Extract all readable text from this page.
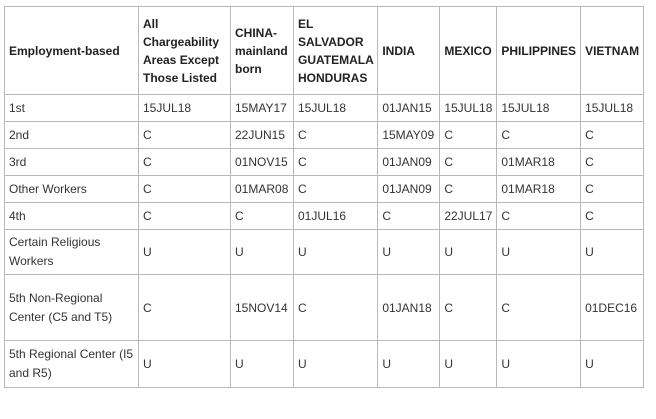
Employment-based	All Chargeability Areas Except Those Listed	CHINA-mainland born	EL SALVADOR GUATEMALA HONDURAS	INDIA	MEXICO	PHILIPPINES	VIETNAM
1st	15JUL18	15MAY17	15JUL18	01JAN15	15JUL18	15JUL18	15JUL18
2nd	C	22JUN15	C	15MAY09	C	C	C
3rd	C	01NOV15	C	01JAN09	C	01MAR18	C
Other Workers	C	01MAR08	C	01JAN09	C	01MAR18	C
4th	C	C	01JUL16	C	22JUL17	C	C
Certain Religious Workers	U	U	U	U	U	U	U
5th Non-Regional Center (C5 and T5)	C	15NOV14	C	01JAN18	C	C	01DEC16
5th Regional Center (I5 and R5)	U	U	U	U	U	U	U
